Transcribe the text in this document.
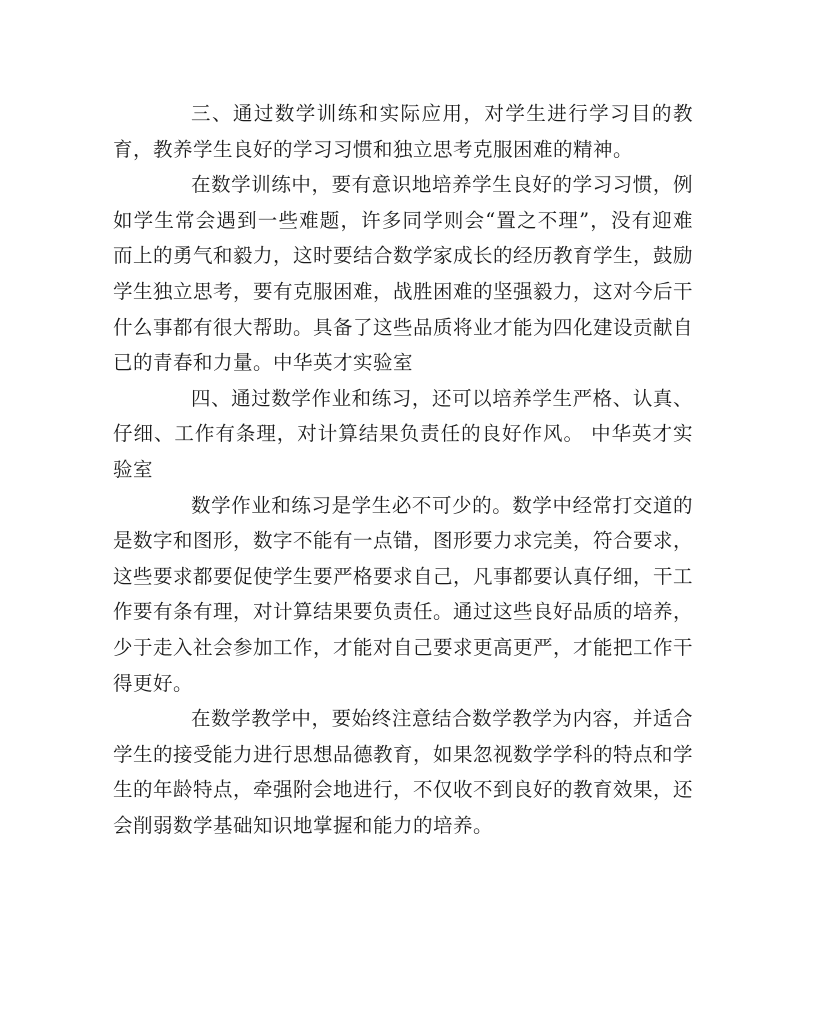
三、通过数学训练和实际应用，对学生进行学习目的教育，教养学生良好的学习习惯和独立思考克服困难的精神。

在数学训练中，要有意识地培养学生良好的学习习惯，例如学生常会遇到一些难题，许多同学则会“置之不理”，没有迎难而上的勇气和毅力，这时要结合数学家成长的经历教育学生，鼓励学生独立思考，要有克服困难，战胜困难的坚强毅力，这对今后干什么事都有很大帮助。具备了这些品质将业才能为四化建设贡献自已的青春和力量。中华英才实验室

四、通过数学作业和练习，还可以培养学生严格、认真、仔细、工作有条理，对计算结果负责任的良好作风。 中华英才实验室

数学作业和练习是学生必不可少的。数学中经常打交道的是数字和图形，数字不能有一点错，图形要力求完美，符合要求，这些要求都要促使学生要严格要求自己，凡事都要认真仔细，干工作要有条有理，对计算结果要负责任。通过这些良好品质的培养，少于走入社会参加工作，才能对自己要求更高更严，才能把工作干得更好。

在数学教学中，要始终注意结合数学教学为内容，并适合学生的接受能力进行思想品德教育，如果忽视数学学科的特点和学生的年龄特点，牵强附会地进行，不仅收不到良好的教育效果，还会削弱数学基础知识地掌握和能力的培养。
